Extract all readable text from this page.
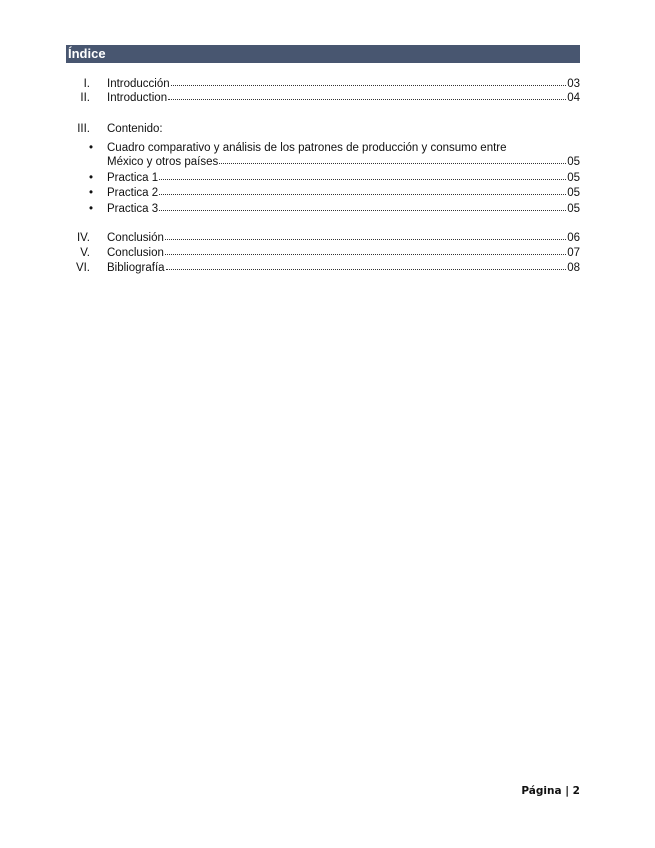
Índice
I. Introducción	03
II. Introduction	04
III. Contenido:
• Cuadro comparativo y análisis de los patrones de producción y consumo entre
México y otros países	05
• Practica 1	05
• Practica 2	05
• Practica 3	05
IV. Conclusión	06
V. Conclusion	07
VI. Bibliografía	08
Página | 2
